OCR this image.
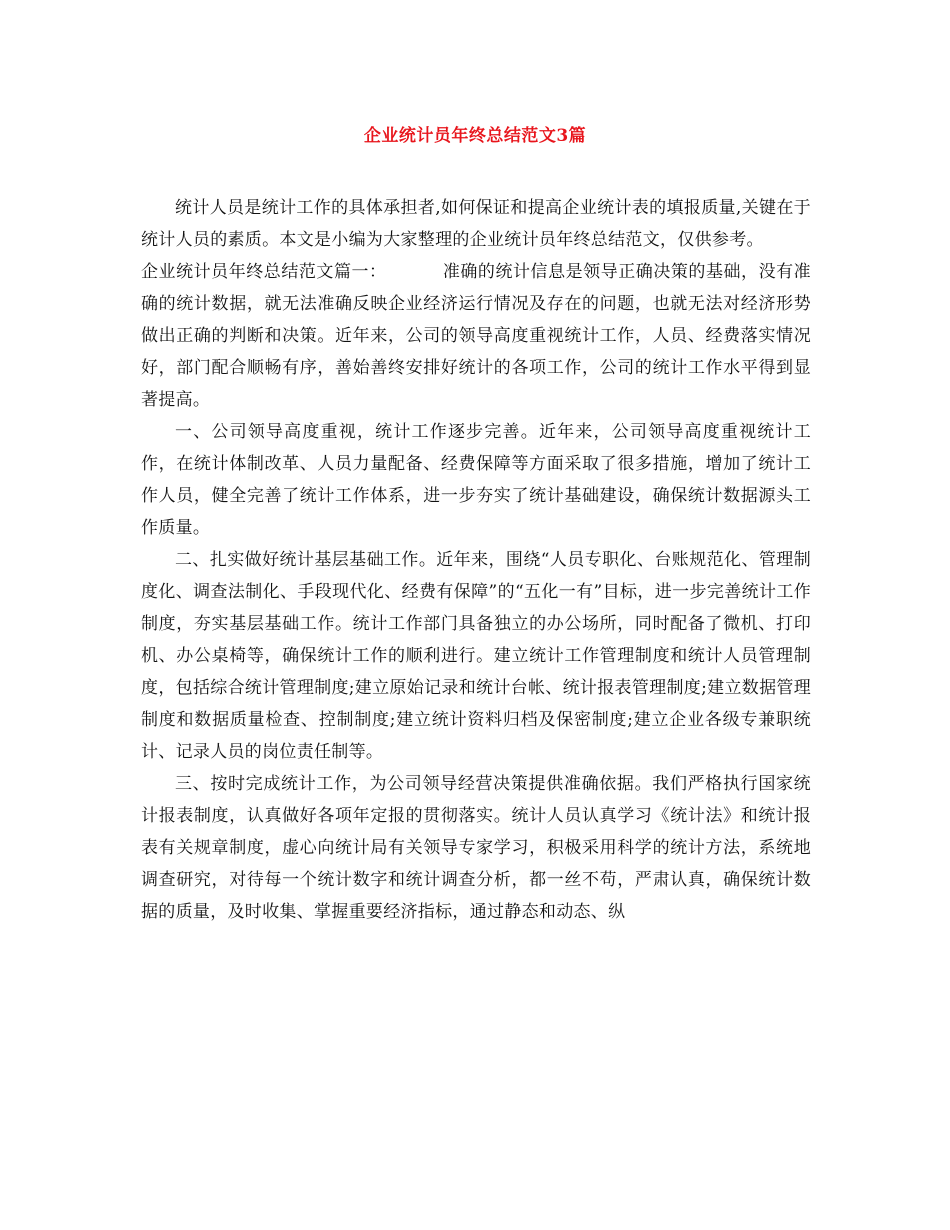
企业统计员年终总结范文3篇

统计人员是统计工作的具体承担者,如何保证和提高企业统计表的填报质量,关键在于统计人员的素质。本文是小编为大家整理的企业统计员年终总结范文，仅供参考。

企业统计员年终总结范文篇一：	准确的统计信息是领导正确决策的基础，没有准确的统计数据，就无法准确反映企业经济运行情况及存在的问题，也就无法对经济形势做出正确的判断和决策。近年来，公司的领导高度重视统计工作，人员、经费落实情况好，部门配合顺畅有序，善始善终安排好统计的各项工作，公司的统计工作水平得到显著提高。

一、公司领导高度重视，统计工作逐步完善。近年来，公司领导高度重视统计工作，在统计体制改革、人员力量配备、经费保障等方面采取了很多措施，增加了统计工作人员，健全完善了统计工作体系，进一步夯实了统计基础建设，确保统计数据源头工作质量。

二、扎实做好统计基层基础工作。近年来，围绕“人员专职化、台账规范化、管理制度化、调查法制化、手段现代化、经费有保障”的“五化一有”目标，进一步完善统计工作制度，夯实基层基础工作。统计工作部门具备独立的办公场所，同时配备了微机、打印机、办公桌椅等，确保统计工作的顺利进行。建立统计工作管理制度和统计人员管理制度，包括综合统计管理制度;建立原始记录和统计台帐、统计报表管理制度;建立数据管理制度和数据质量检查、控制制度;建立统计资料归档及保密制度;建立企业各级专兼职统计、记录人员的岗位责任制等。

三、按时完成统计工作，为公司领导经营决策提供准确依据。我们严格执行国家统计报表制度，认真做好各项年定报的贯彻落实。统计人员认真学习《统计法》和统计报表有关规章制度，虚心向统计局有关领导专家学习，积极采用科学的统计方法，系统地调查研究，对待每一个统计数字和统计调查分析，都一丝不苟，严肃认真，确保统计数据的质量，及时收集、掌握重要经济指标，通过静态和动态、纵
